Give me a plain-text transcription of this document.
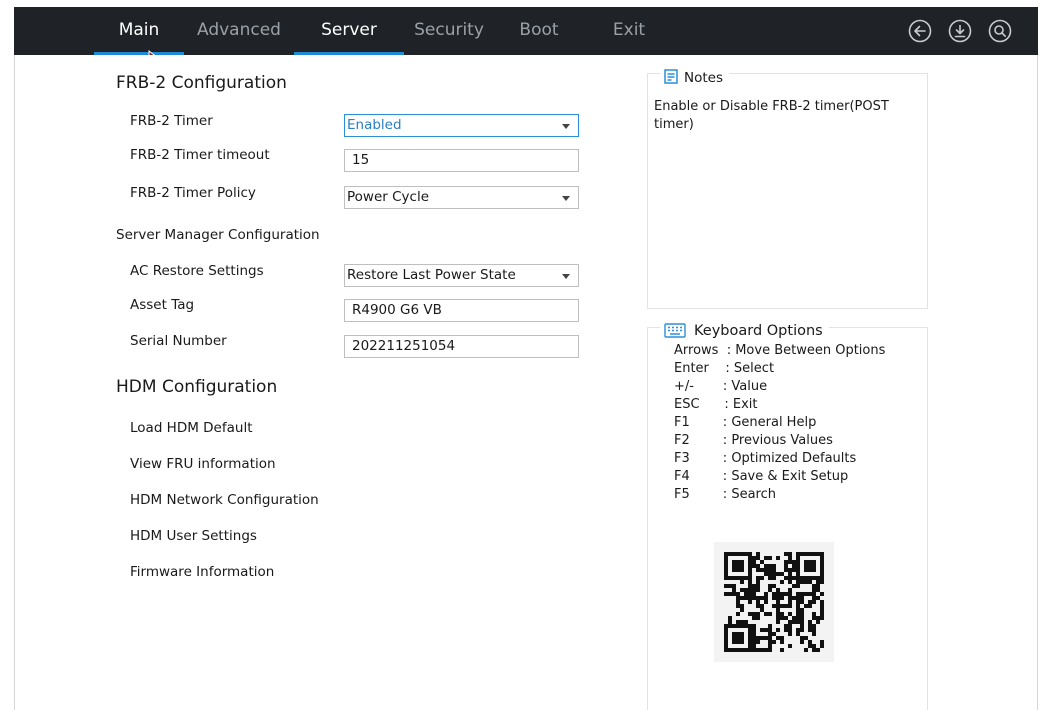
Main	Advanced	Server	Security	Boot	Exit
FRB-2 Configuration
FRB-2 Timer	Enabled
FRB-2 Timer timeout	15
FRB-2 Timer Policy	Power Cycle
Server Manager Configuration
AC Restore Settings	Restore Last Power State
Asset Tag	R4900 G6 VB
Serial Number	202211251054
HDM Configuration
Load HDM Default
View FRU information
HDM Network Configuration
HDM User Settings
Firmware Information
Notes
Enable or Disable FRB-2 timer(POST timer)
Keyboard Options
Arrows  : Move Between Options
Enter    : Select
+/-       : Value
ESC      : Exit
F1        : General Help
F2        : Previous Values
F3        : Optimized Defaults
F4        : Save & Exit Setup
F5        : Search
